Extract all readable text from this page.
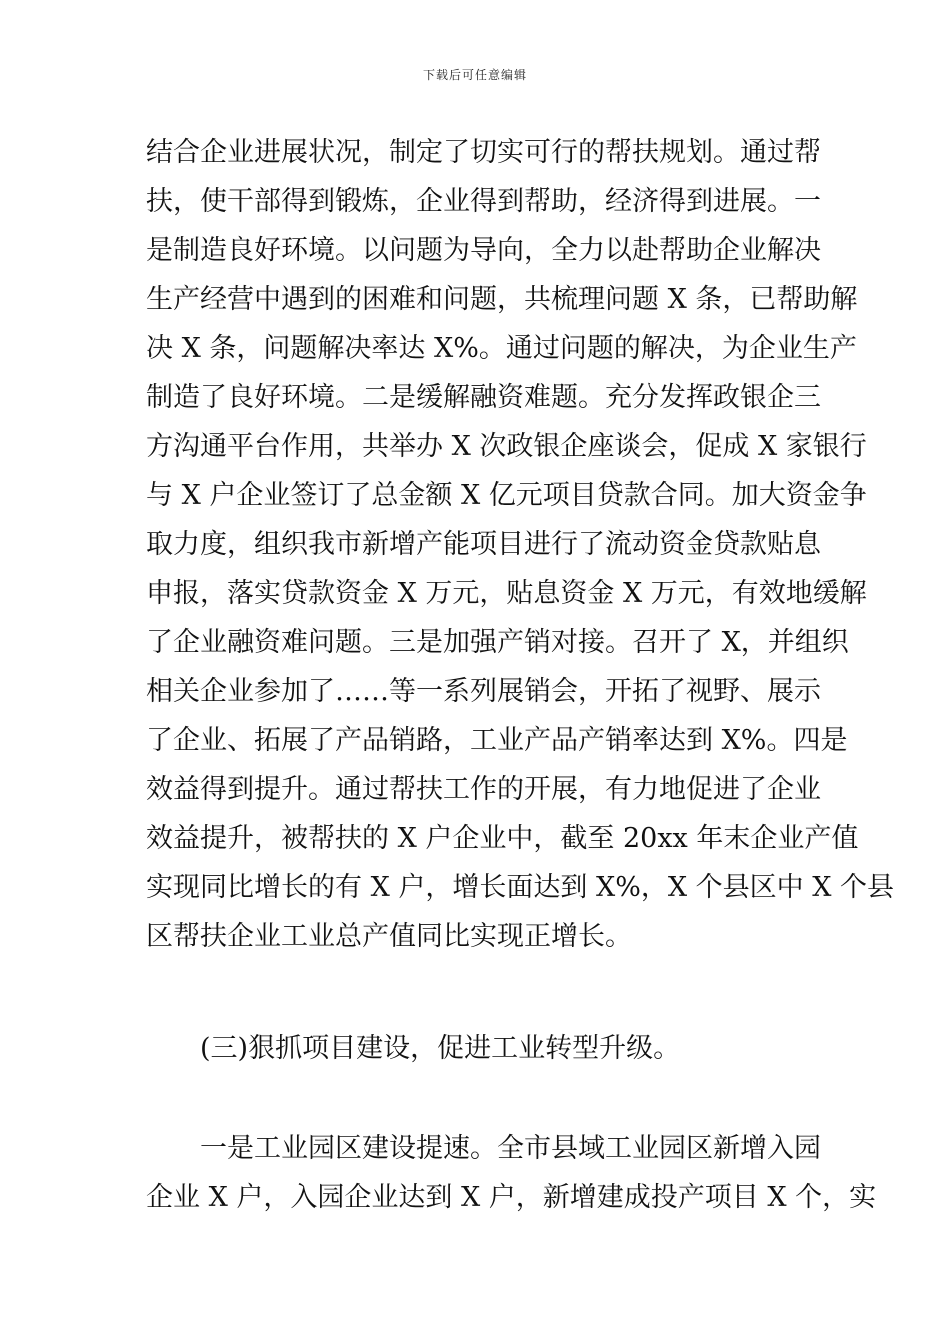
下载后可任意编辑
结合企业进展状况，制定了切实可行的帮扶规划。通过帮
扶，使干部得到锻炼，企业得到帮助，经济得到进展。一
是制造良好环境。以问题为导向，全力以赴帮助企业解决
生产经营中遇到的困难和问题，共梳理问题 X 条，已帮助解
决 X 条，问题解决率达 X%。通过问题的解决，为企业生产
制造了良好环境。二是缓解融资难题。充分发挥政银企三
方沟通平台作用，共举办 X 次政银企座谈会，促成 X 家银行
与 X 户企业签订了总金额 X 亿元项目贷款合同。加大资金争
取力度，组织我市新增产能项目进行了流动资金贷款贴息
申报，落实贷款资金 X 万元，贴息资金 X 万元，有效地缓解
了企业融资难问题。三是加强产销对接。召开了 X，并组织
相关企业参加了……等一系列展销会，开拓了视野、展示
了企业、拓展了产品销路，工业产品产销率达到 X%。四是
效益得到提升。通过帮扶工作的开展，有力地促进了企业
效益提升，被帮扶的 X 户企业中，截至 20xx 年末企业产值
实现同比增长的有 X 户，增长面达到 X%，X 个县区中 X 个县
区帮扶企业工业总产值同比实现正增长。
(三)狠抓项目建设，促进工业转型升级。
一是工业园区建设提速。全市县域工业园区新增入园
企业 X 户，入园企业达到 X 户，新增建成投产项目 X 个，实
